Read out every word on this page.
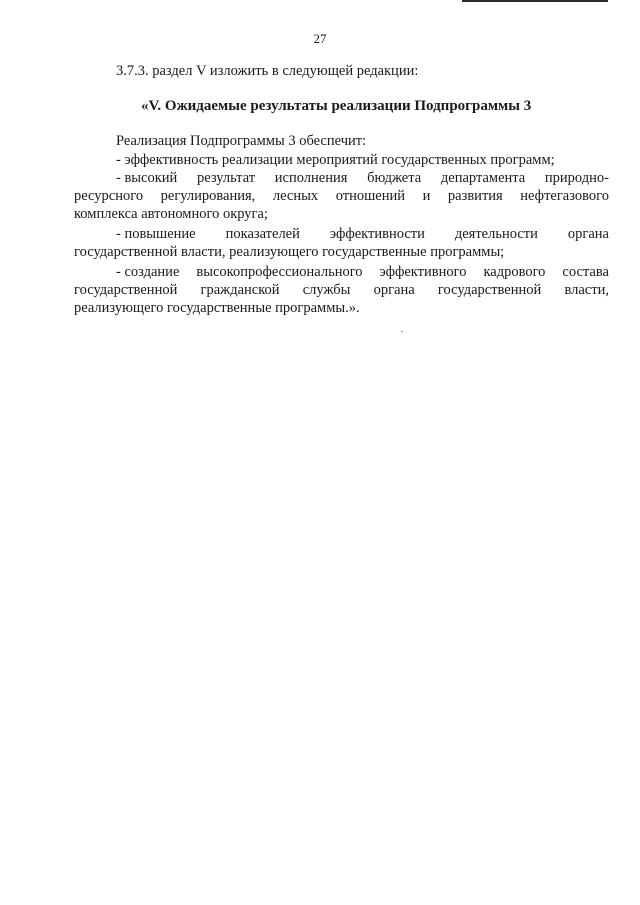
27
3.7.3. раздел V изложить в следующей редакции:
«V. Ожидаемые результаты реализации Подпрограммы 3
Реализация Подпрограммы 3 обеспечит:
- эффективность реализации мероприятий государственных программ;
- высокий результат исполнения бюджета департамента природно-
ресурсного регулирования, лесных отношений и развития нефтегазового
комплекса автономного округа;
- повышение показателей эффективности деятельности органа
государственной власти, реализующего государственные программы;
- создание высокопрофессионального эффективного кадрового состава
государственной гражданской службы органа государственной власти,
реализующего государственные программы.».
